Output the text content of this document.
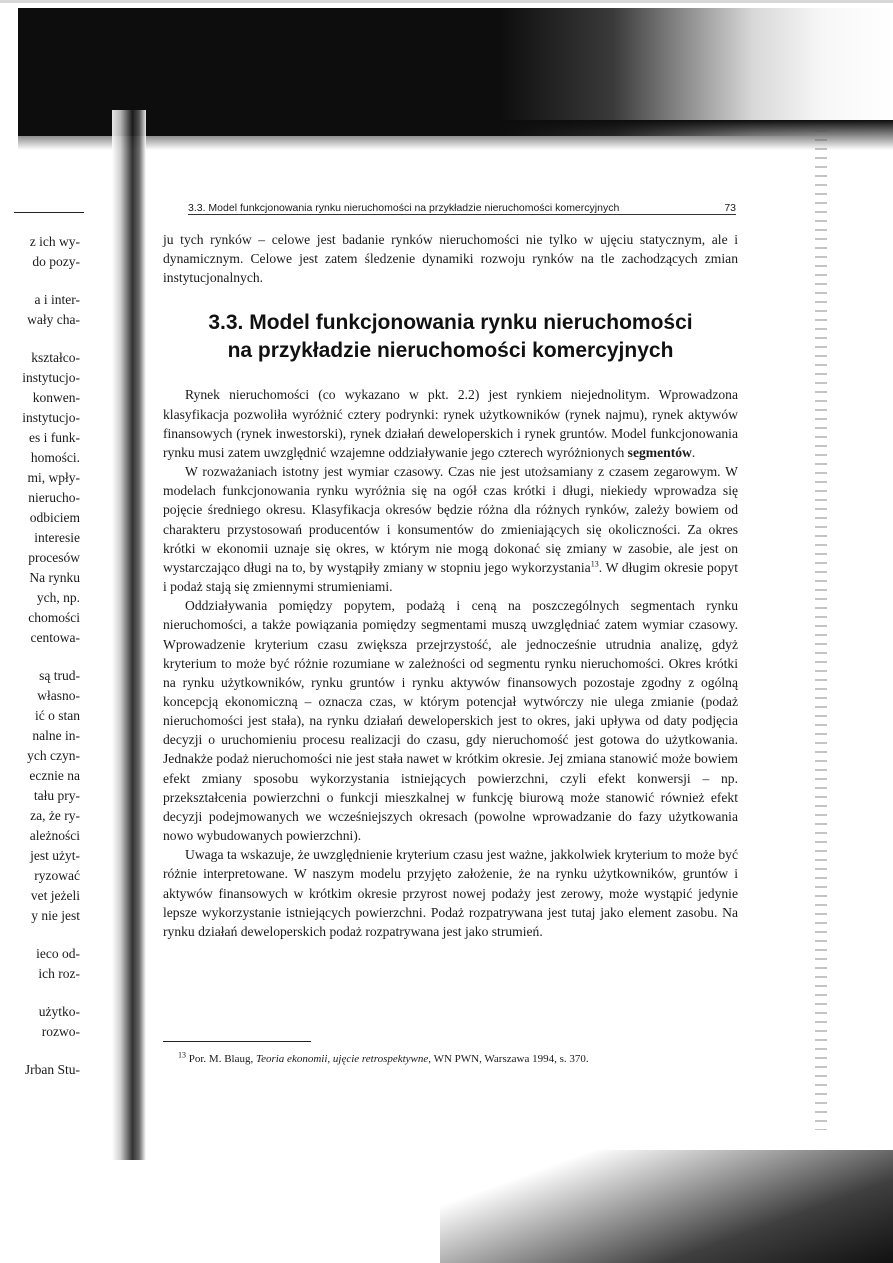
z ich wy-
do pozy-
a i inter-
wały cha-
kształco-
instytucjo-
konwen-
instytucjo-
es i funk-
homości.
mi, wpły-
nierucho-
odbiciem
interesie
procesów
Na rynku
ych, np.
chomości
centowa-
są trud-
własno-
ić o stan
nalne in-
ych czyn-
ecznie na
tału pry-
za, że ry-
ależności
jest użyt-
ryzować
vet jeżeli
y nie jest
ieco od-
ich roz-
użytko-
rozwo-
Jrban Stu-
3.3. Model funkcjonowania rynku nieruchomości na przykładzie nieruchomości komercyjnych	73

ju tych rynków – celowe jest badanie rynków nieruchomości nie tylko w ujęciu statycznym, ale i dynamicznym. Celowe jest zatem śledzenie dynamiki rozwoju rynków na tle zachodzących zmian instytucjonalnych.

3.3. Model funkcjonowania rynku nieruchomości
na przykładzie nieruchomości komercyjnych

Rynek nieruchomości (co wykazano w pkt. 2.2) jest rynkiem niejednolitym. Wprowadzona klasyfikacja pozwoliła wyróżnić cztery podrynki: rynek użytkowników (rynek najmu), rynek aktywów finansowych (rynek inwestorski), rynek działań deweloperskich i rynek gruntów. Model funkcjonowania rynku musi zatem uwzględnić wzajemne oddziaływanie jego czterech wyróżnionych segmentów.

W rozważaniach istotny jest wymiar czasowy. Czas nie jest utożsamiany z czasem zegarowym. W modelach funkcjonowania rynku wyróżnia się na ogół czas krótki i długi, niekiedy wprowadza się pojęcie średniego okresu. Klasyfikacja okresów będzie różna dla różnych rynków, zależy bowiem od charakteru przystosowań producentów i konsumentów do zmieniających się okoliczności. Za okres krótki w ekonomii uznaje się okres, w którym nie mogą dokonać się zmiany w zasobie, ale jest on wystarczająco długi na to, by wystąpiły zmiany w stopniu jego wykorzystania$^{13}$. W długim okresie popyt i podaż stają się zmiennymi strumieniami.

Oddziaływania pomiędzy popytem, podażą i ceną na poszczególnych segmentach rynku nieruchomości, a także powiązania pomiędzy segmentami muszą uwzględniać zatem wymiar czasowy. Wprowadzenie kryterium czasu zwiększa przejrzystość, ale jednocześnie utrudnia analizę, gdyż kryterium to może być różnie rozumiane w zależności od segmentu rynku nieruchomości. Okres krótki na rynku użytkowników, rynku gruntów i rynku aktywów finansowych pozostaje zgodny z ogólną koncepcją ekonomiczną – oznacza czas, w którym potencjał wytwórczy nie ulega zmianie (podaż nieruchomości jest stała), na rynku działań deweloperskich jest to okres, jaki upływa od daty podjęcia decyzji o uruchomieniu procesu realizacji do czasu, gdy nieruchomość jest gotowa do użytkowania. Jednakże podaż nieruchomości nie jest stała nawet w krótkim okresie. Jej zmiana stanowić może bowiem efekt zmiany sposobu wykorzystania istniejących powierzchni, czyli efekt konwersji – np. przekształcenia powierzchni o funkcji mieszkalnej w funkcję biurową może stanowić również efekt decyzji podejmowanych we wcześniejszych okresach (powolne wprowadzanie do fazy użytkowania nowo wybudowanych powierzchni).

Uwaga ta wskazuje, że uwzględnienie kryterium czasu jest ważne, jakkolwiek kryterium to może być różnie interpretowane. W naszym modelu przyjęto założenie, że na rynku użytkowników, gruntów i aktywów finansowych w krótkim okresie przyrost nowej podaży jest zerowy, może wystąpić jedynie lepsze wykorzystanie istniejących powierzchni. Podaż rozpatrywana jest tutaj jako element zasobu. Na rynku działań deweloperskich podaż rozpatrywana jest jako strumień.

$^{13}$ Por. M. Blaug, Teoria ekonomii, ujęcie retrospektywne, WN PWN, Warszawa 1994, s. 370.
